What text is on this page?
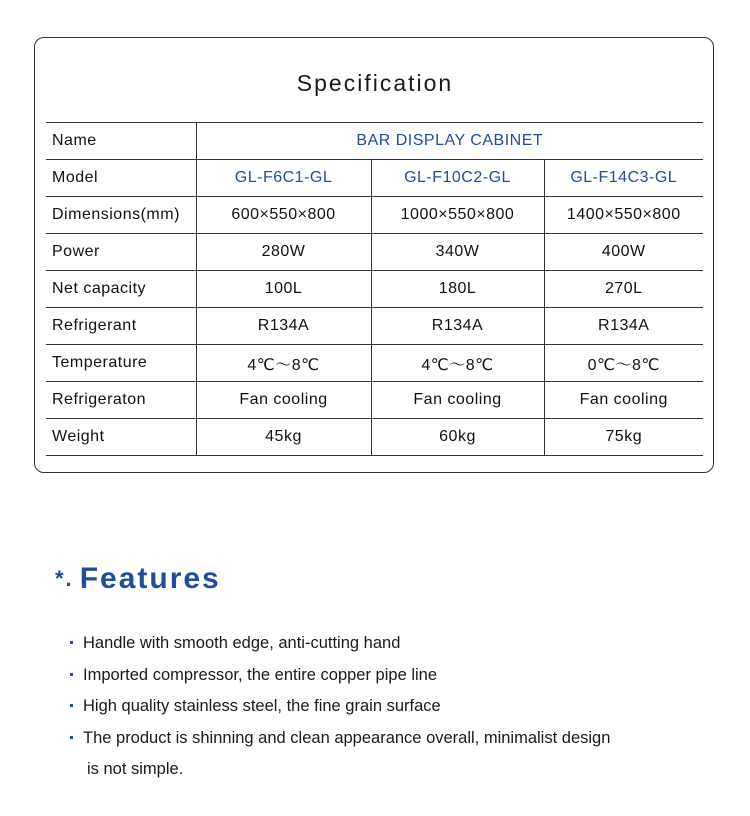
Specification
Name	BAR DISPLAY CABINET		
Model	GL-F6C1-GL	GL-F10C2-GL	GL-F14C3-GL
Dimensions(mm)	600×550×800	1000×550×800	1400×550×800
Power	280W	340W	400W
Net capacity	100L	180L	270L
Refrigerant	R134A	R134A	R134A
Temperature	4℃～8℃	4℃～8℃	0℃～8℃
Refrigeraton	Fan cooling	Fan cooling	Fan cooling
Weight	45kg	60kg	75kg
*. Features
Handle with smooth edge, anti-cutting hand
Imported compressor, the entire copper pipe line
High quality stainless steel, the fine grain surface
The product is shinning and clean appearance overall, minimalist design
is not simple.
